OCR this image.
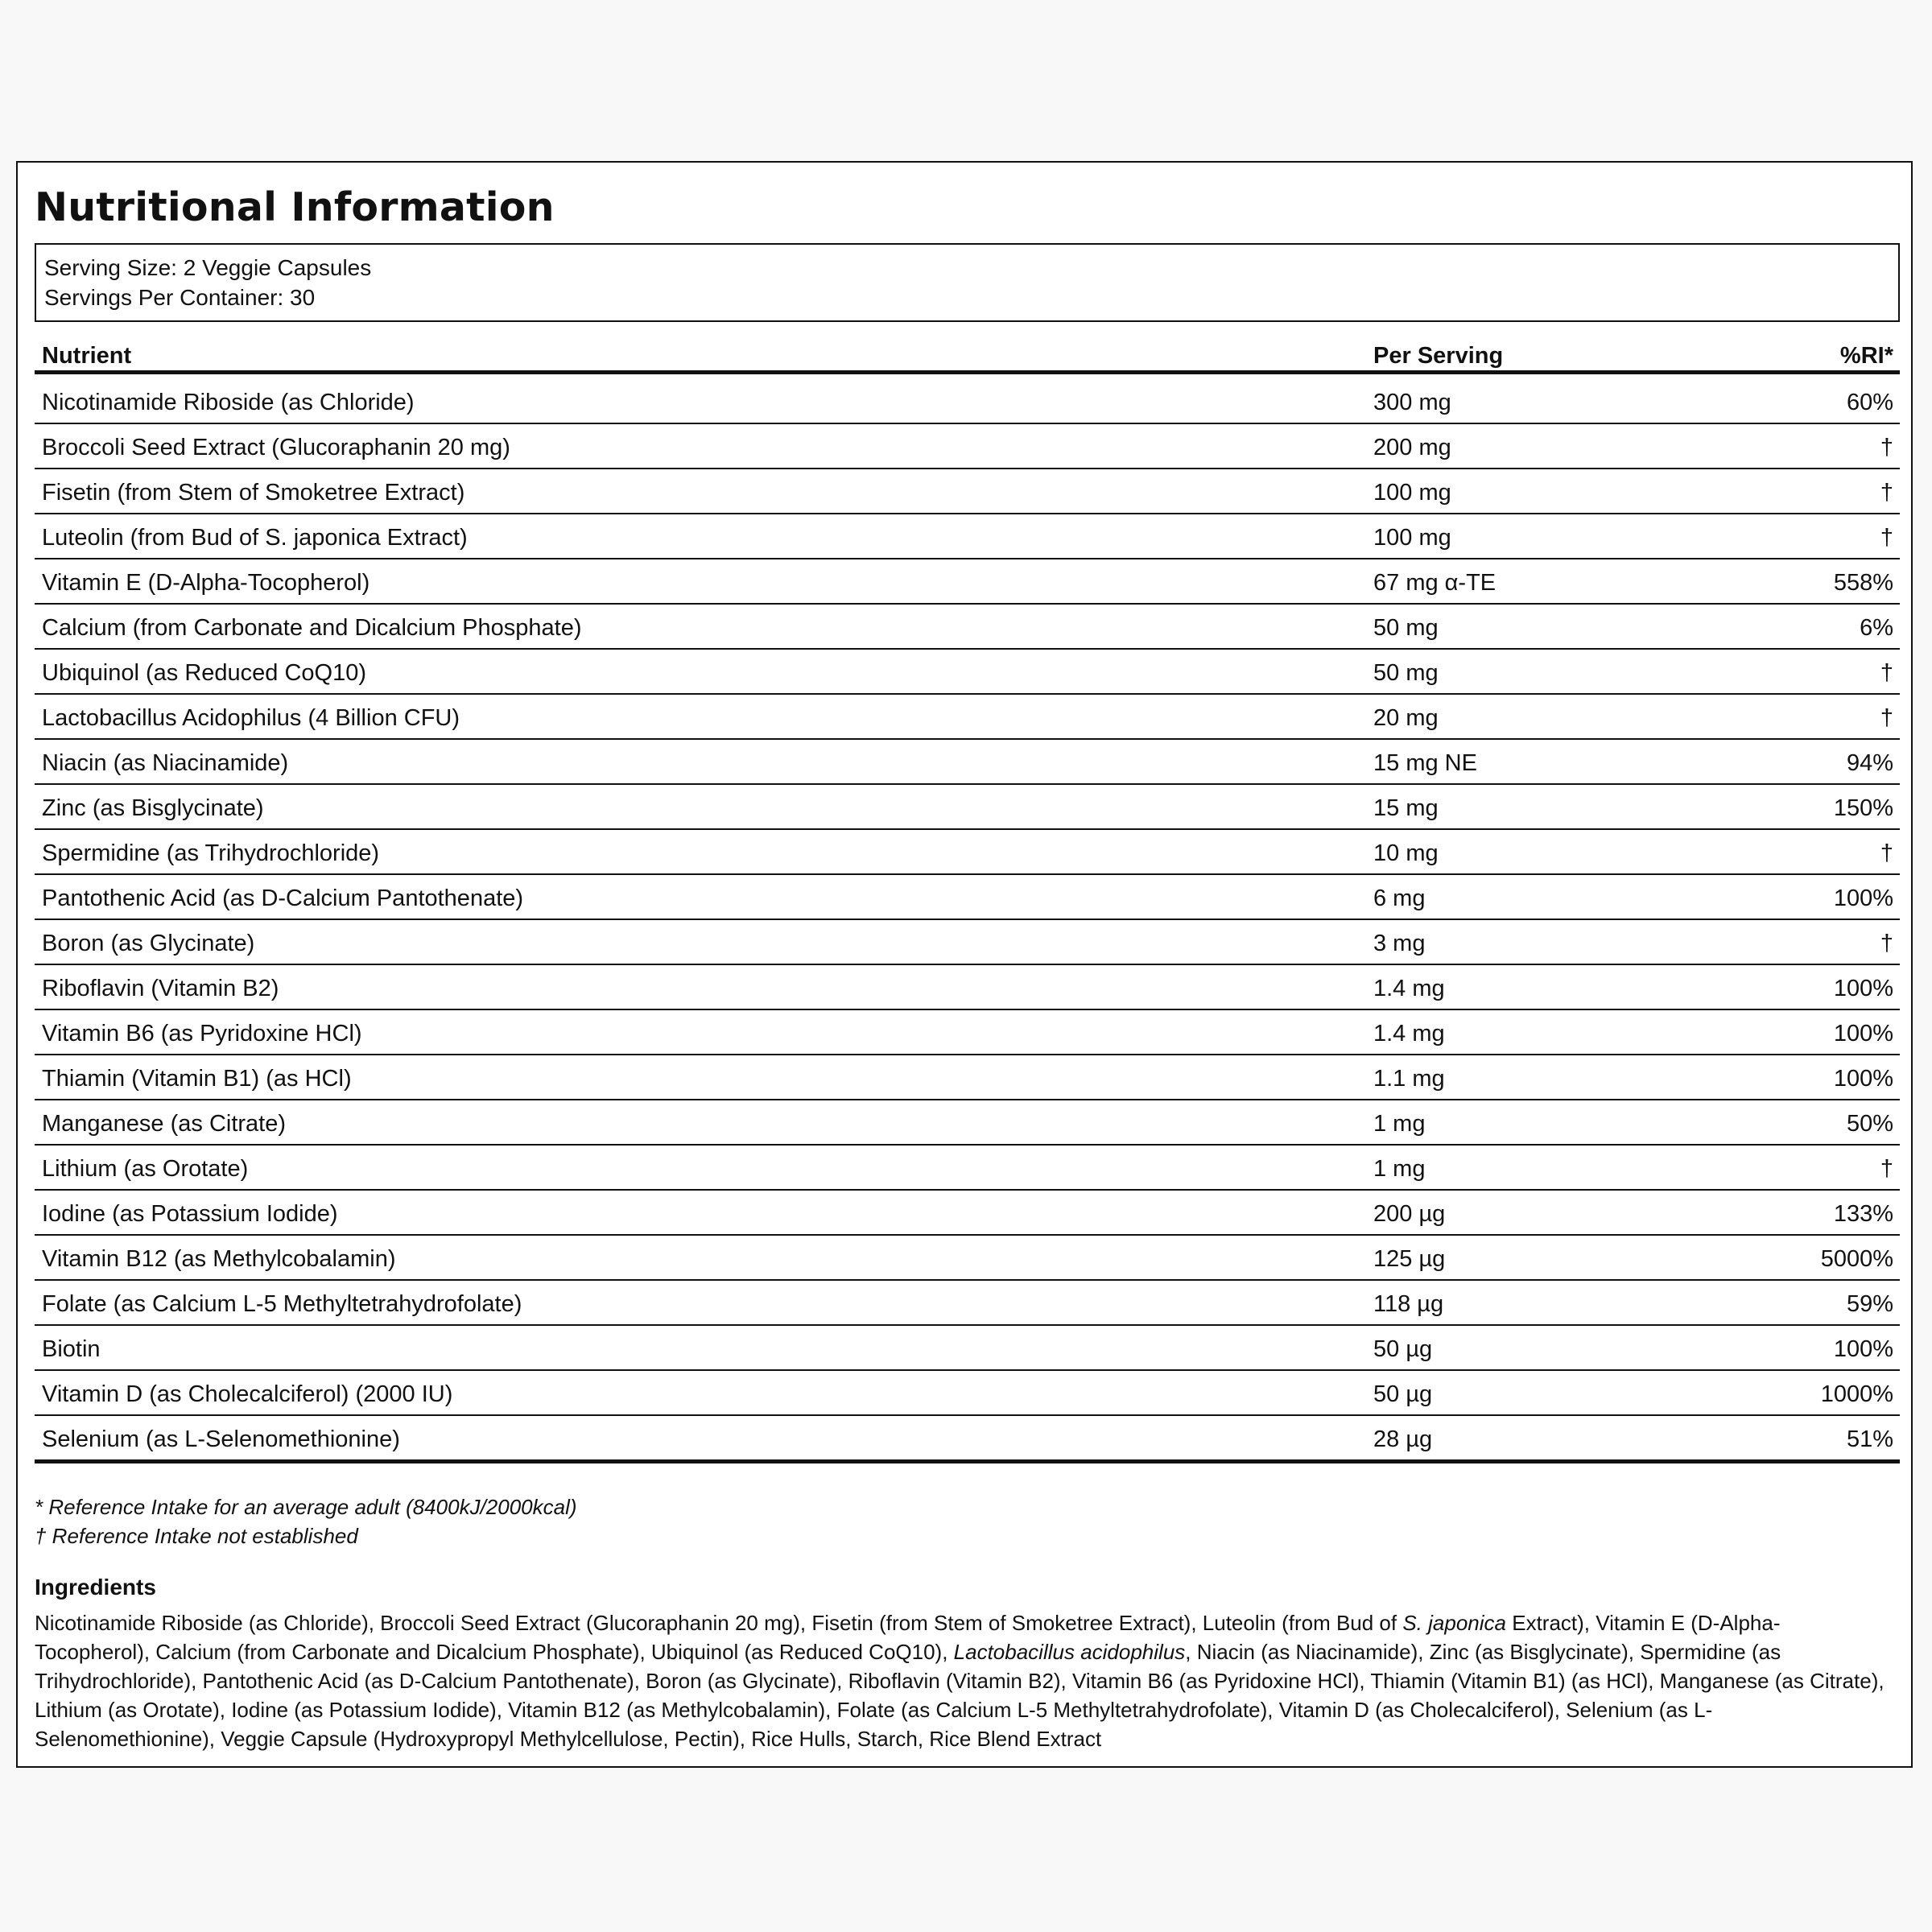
Nutritional Information
Serving Size: 2 Veggie Capsules
Servings Per Container: 30
Nutrient	Per Serving	%RI*
Nicotinamide Riboside (as Chloride)	300 mg	60%
Broccoli Seed Extract (Glucoraphanin 20 mg)	200 mg	†
Fisetin (from Stem of Smoketree Extract)	100 mg	†
Luteolin (from Bud of S. japonica Extract)	100 mg	†
Vitamin E (D-Alpha-Tocopherol)	67 mg α-TE	558%
Calcium (from Carbonate and Dicalcium Phosphate)	50 mg	6%
Ubiquinol (as Reduced CoQ10)	50 mg	†
Lactobacillus Acidophilus (4 Billion CFU)	20 mg	†
Niacin (as Niacinamide)	15 mg NE	94%
Zinc (as Bisglycinate)	15 mg	150%
Spermidine (as Trihydrochloride)	10 mg	†
Pantothenic Acid (as D-Calcium Pantothenate)	6 mg	100%
Boron (as Glycinate)	3 mg	†
Riboflavin (Vitamin B2)	1.4 mg	100%
Vitamin B6 (as Pyridoxine HCl)	1.4 mg	100%
Thiamin (Vitamin B1) (as HCl)	1.1 mg	100%
Manganese (as Citrate)	1 mg	50%
Lithium (as Orotate)	1 mg	†
Iodine (as Potassium Iodide)	200 µg	133%
Vitamin B12 (as Methylcobalamin)	125 µg	5000%
Folate (as Calcium L-5 Methyltetrahydrofolate)	118 µg	59%
Biotin	50 µg	100%
Vitamin D (as Cholecalciferol) (2000 IU)	50 µg	1000%
Selenium (as L-Selenomethionine)	28 µg	51%
* Reference Intake for an average adult (8400kJ/2000kcal)
† Reference Intake not established
Ingredients

Nicotinamide Riboside (as Chloride), Broccoli Seed Extract (Glucoraphanin 20 mg), Fisetin (from Stem of Smoketree Extract), Luteolin (from Bud of S. japonica Extract), Vitamin E (D-Alpha-Tocopherol), Calcium (from Carbonate and Dicalcium Phosphate), Ubiquinol (as Reduced CoQ10), Lactobacillus acidophilus, Niacin (as Niacinamide), Zinc (as Bisglycinate), Spermidine (as Trihydrochloride), Pantothenic Acid (as D-Calcium Pantothenate), Boron (as Glycinate), Riboflavin (Vitamin B2), Vitamin B6 (as Pyridoxine HCl), Thiamin (Vitamin B1) (as HCl), Manganese (as Citrate), Lithium (as Orotate), Iodine (as Potassium Iodide), Vitamin B12 (as Methylcobalamin), Folate (as Calcium L-5 Methyltetrahydrofolate), Vitamin D (as Cholecalciferol), Selenium (as L-Selenomethionine), Veggie Capsule (Hydroxypropyl Methylcellulose, Pectin), Rice Hulls, Starch, Rice Blend Extract
